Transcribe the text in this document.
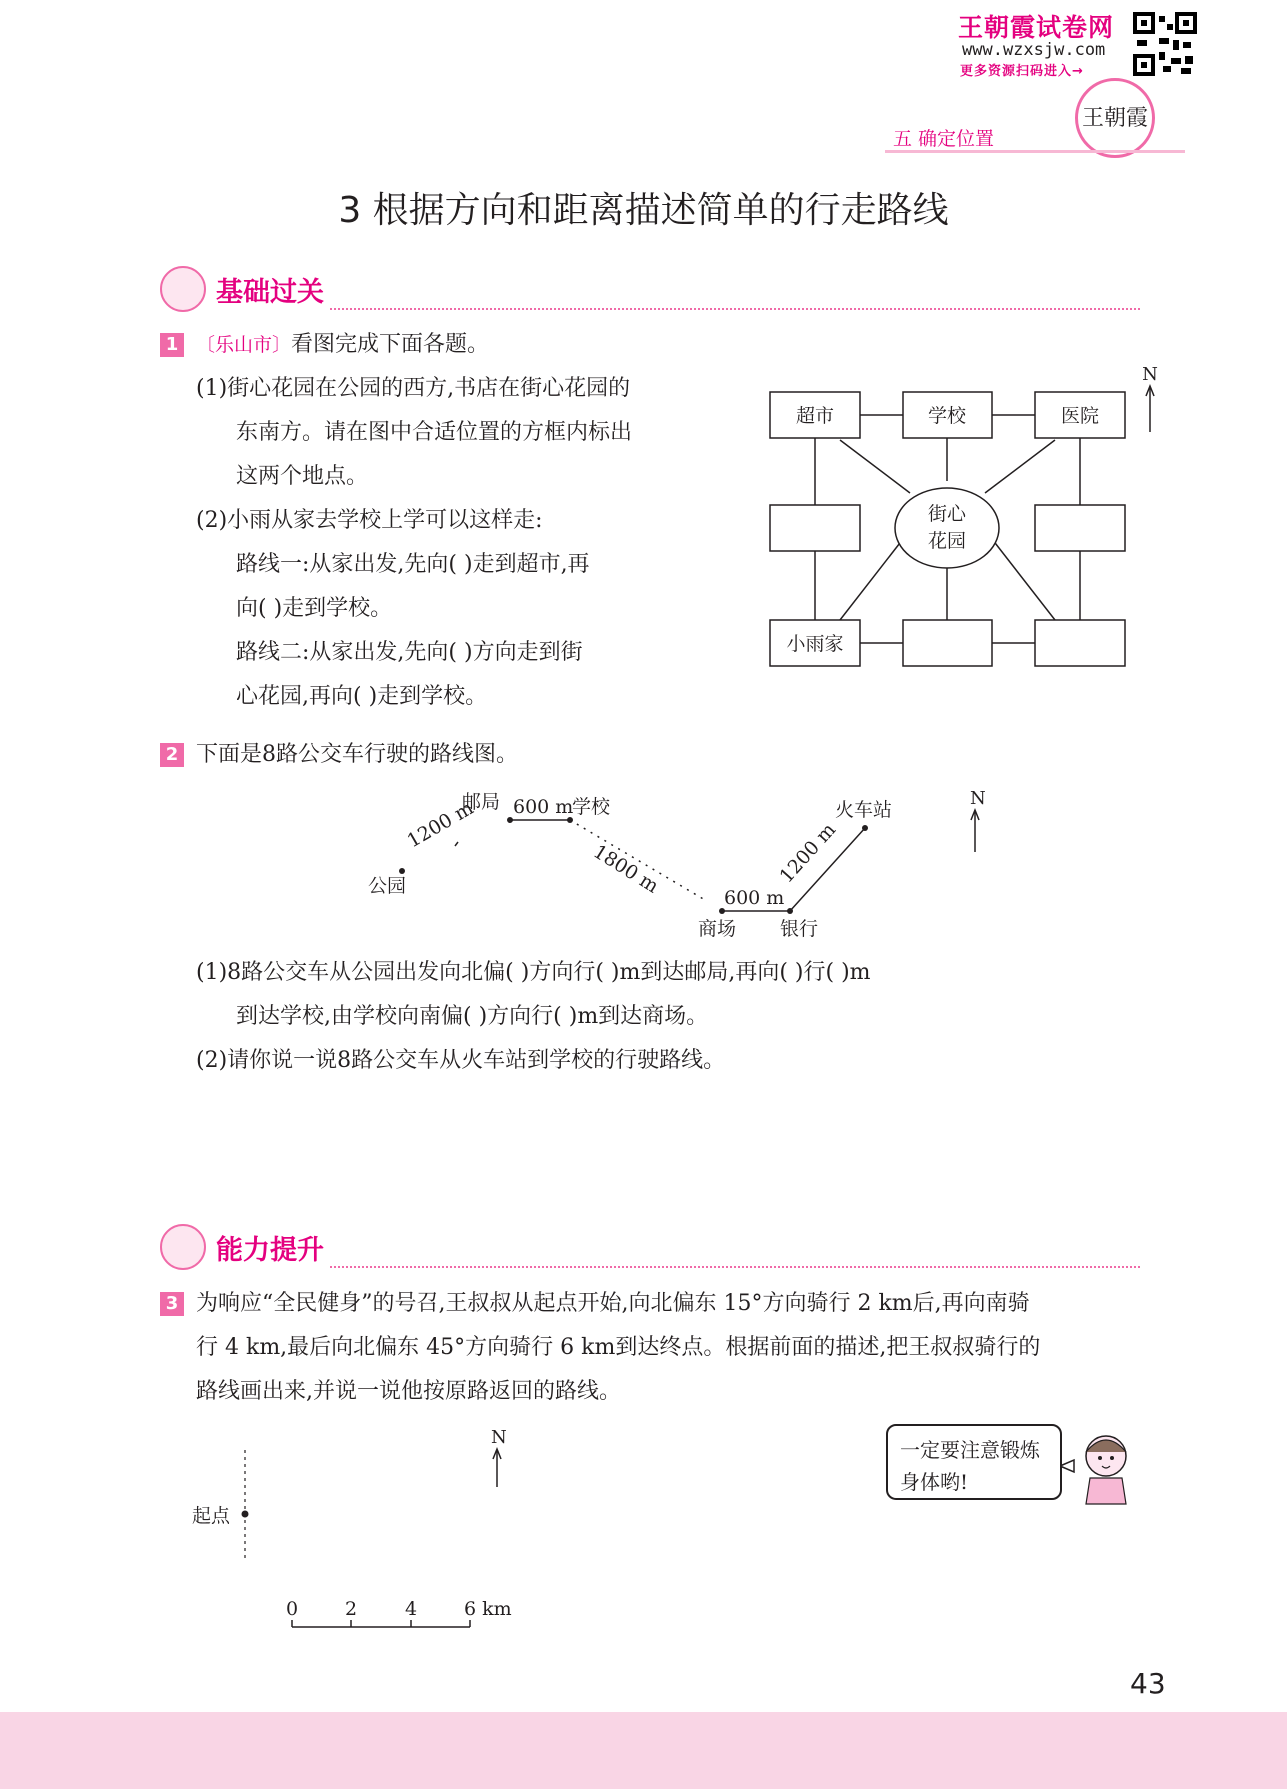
王朝霞试卷网
www.wzxsjw.com
更多资源扫码进入→
王朝霞
五 确定位置
3 根据方向和距离描述简单的行走路线
基础过关
1 〔乐山市〕看图完成下面各题。
(1)街心花园在公园的西方,书店在街心花园的
东南方。请在图中合适位置的方框内标出
这两个地点。
(2)小雨从家去学校上学可以这样走:
路线一:从家出发,先向( )走到超市,再
向( )走到学校。
路线二:从家出发,先向( )方向走到街
心花园,再向( )走到学校。
超市	学校	医院
街心
花园
小雨家
N
2 下面是8路公交车行驶的路线图。
公园
邮局	学校
商场 银行
火车站
600 m
600 m
1200 m
1800 m	1200 m
N
(1)8路公交车从公园出发向北偏( )方向行( )m到达邮局,再向( )行( )m
到达学校,由学校向南偏( )方向行( )m到达商场。
(2)请你说一说8路公交车从火车站到学校的行驶路线。
能力提升
3 为响应“全民健身”的号召,王叔叔从起点开始,向北偏东 15°方向骑行 2 km后,再向南骑
行 4 km,最后向北偏东 45°方向骑行 6 km到达终点。根据前面的描述,把王叔叔骑行的
路线画出来,并说一说他按原路返回的路线。
起点
N
0 2	4 6 km
一定要注意锻炼
身体哟!
43
